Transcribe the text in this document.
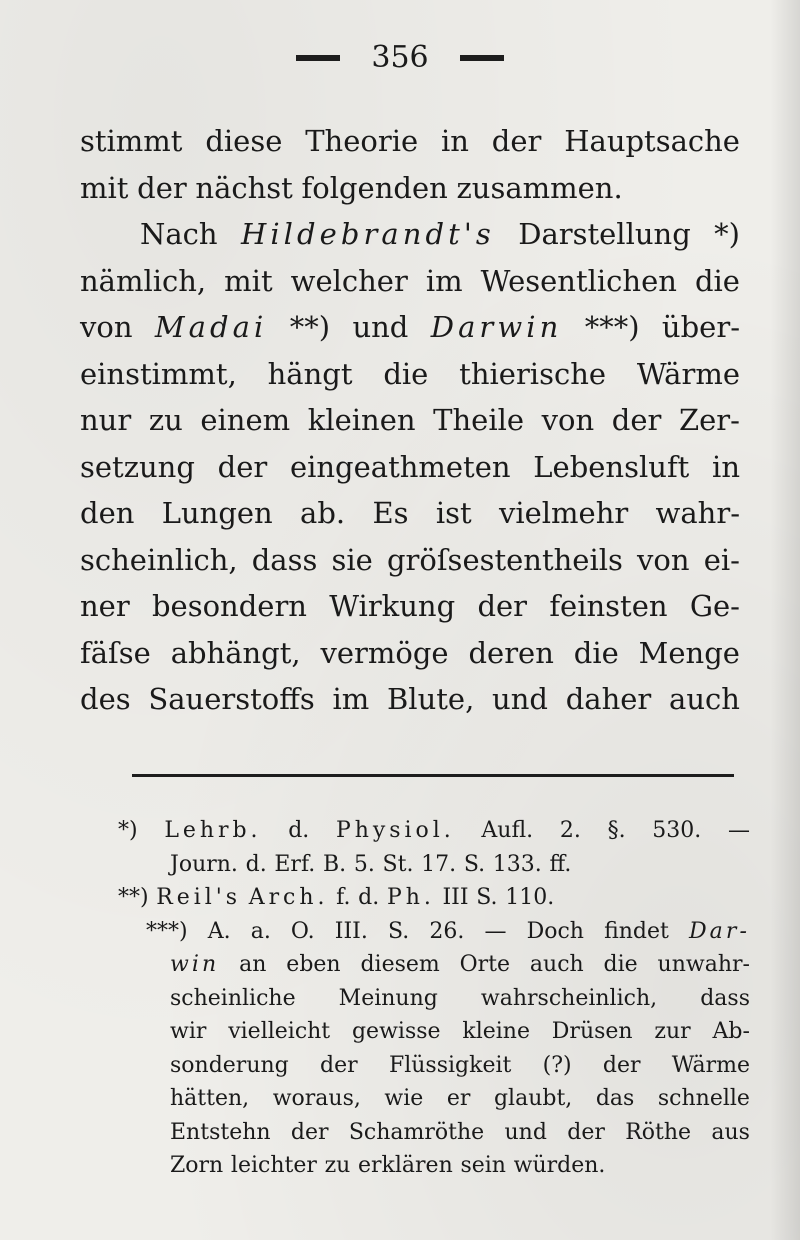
356
stimmt diese Theorie in der Hauptsache
mit der nächst folgenden zusammen.
Nach Hildebrandt's Darstellung *)
nämlich, mit welcher im Wesentlichen die
von Madai **) und Darwin ***) über-
einstimmt, hängt die thierische Wärme
nur zu einem kleinen Theile von der Zer-
setzung der eingeathmeten Lebensluft in
den Lungen ab. Es ist vielmehr wahr-
scheinlich, dass sie gröſsestentheils von ei-
ner besondern Wirkung der feinsten Ge-
fäſse abhängt, vermöge deren die Menge
des Sauerstoffs im Blute, und daher auch
*) Lehrb. d. Physiol. Aufl. 2. §. 530. —
Journ. d. Erf. B. 5. St. 17. S. 133. ff.
**) Reil's Arch. f. d. Ph. III S. 110.
***) A. a. O. III. S. 26. — Doch findet Dar-
win an eben diesem Orte auch die unwahr-
scheinliche Meinung wahrscheinlich, dass
wir vielleicht gewisse kleine Drüsen zur Ab-
sonderung der Flüssigkeit (?) der Wärme
hätten, woraus, wie er glaubt, das schnelle
Entstehn der Schamröthe und der Röthe aus
Zorn leichter zu erklären sein würden.
